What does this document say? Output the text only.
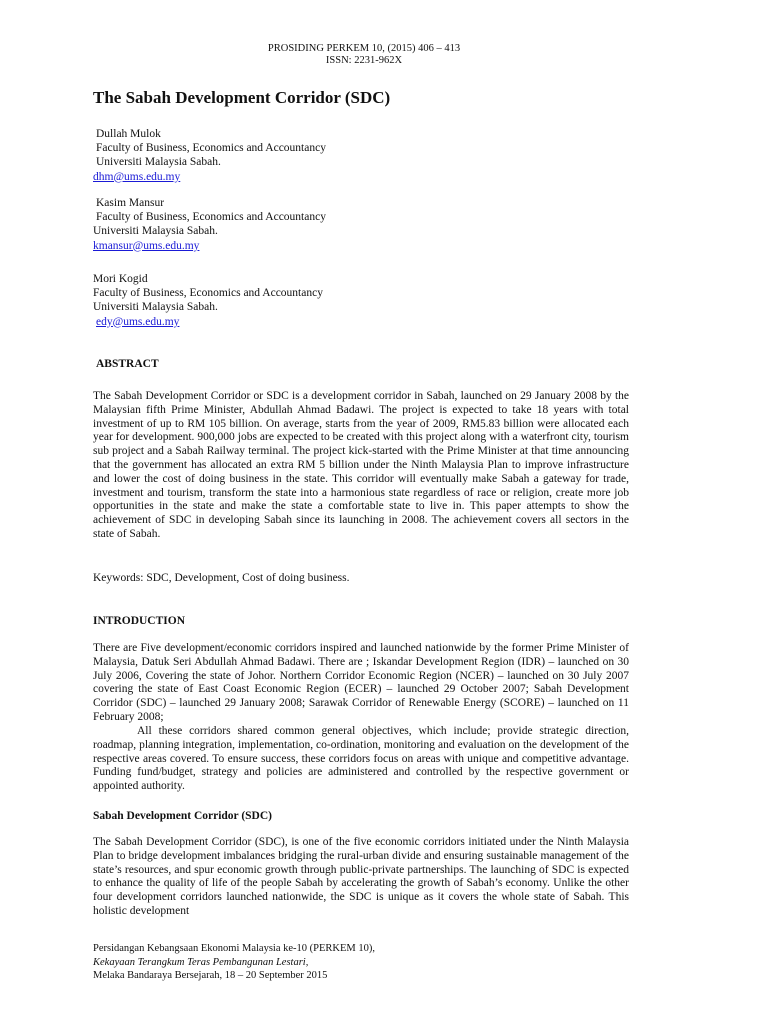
PROSIDING PERKEM 10, (2015) 406 – 413
ISSN: 2231-962X
The Sabah Development Corridor (SDC)
Dullah Mulok
Faculty of Business, Economics and Accountancy
Universiti Malaysia Sabah.
dhm@ums.edu.my
Kasim Mansur
Faculty of Business, Economics and Accountancy
Universiti Malaysia Sabah.
kmansur@ums.edu.my
Mori Kogid
Faculty of Business, Economics and Accountancy
Universiti Malaysia Sabah.
edy@ums.edu.my
ABSTRACT

The Sabah Development Corridor or SDC is a development corridor in Sabah, launched on 29 January 2008 by the Malaysian fifth Prime Minister, Abdullah Ahmad Badawi. The project is expected to take 18 years with total investment of up to RM 105 billion. On average, starts from the year of 2009, RM5.83 billion were allocated each year for development. 900,000 jobs are expected to be created with this project along with a waterfront city, tourism sub project and a Sabah Railway terminal. The project kick-started with the Prime Minister at that time announcing that the government has allocated an extra RM 5 billion under the Ninth Malaysia Plan to improve infrastructure and lower the cost of doing business in the state. This corridor will eventually make Sabah a gateway for trade, investment and tourism, transform the state into a harmonious state regardless of race or religion, create more job opportunities in the state and make the state a comfortable state to live in. This paper attempts to show the achievement of SDC in developing Sabah since its launching in 2008. The achievement covers all sectors in the state of Sabah.

Keywords: SDC, Development, Cost of doing business.

INTRODUCTION

There are Five development/economic corridors inspired and launched nationwide by the former Prime Minister of Malaysia, Datuk Seri Abdullah Ahmad Badawi. There are ; Iskandar Development Region (IDR) – launched on 30 July 2006, Covering the state of Johor. Northern Corridor Economic Region (NCER) – launched on 30 July 2007 covering the state of East Coast Economic Region (ECER) – launched 29 October 2007; Sabah Development Corridor (SDC) – launched 29 January 2008; Sarawak Corridor of Renewable Energy (SCORE) – launched on 11 February 2008;

All these corridors shared common general objectives, which include; provide strategic direction, roadmap, planning integration, implementation, co-ordination, monitoring and evaluation on the development of the respective areas covered. To ensure success, these corridors focus on areas with unique and competitive advantage. Funding fund/budget, strategy and policies are administered and controlled by the respective government or appointed authority.

Sabah Development Corridor (SDC)

The Sabah Development Corridor (SDC), is one of the five economic corridors initiated under the Ninth Malaysia Plan to bridge development imbalances bridging the rural-urban divide and ensuring sustainable management of the state’s resources, and spur economic growth through public-private partnerships. The launching of SDC is expected to enhance the quality of life of the people Sabah by accelerating the growth of Sabah’s economy. Unlike the other four development corridors launched nationwide, the SDC is unique as it covers the whole state of Sabah. This holistic development

Persidangan Kebangsaan Ekonomi Malaysia ke-10 (PERKEM 10),
Kekayaan Terangkum Teras Pembangunan Lestari,
Melaka Bandaraya Bersejarah, 18 – 20 September 2015
